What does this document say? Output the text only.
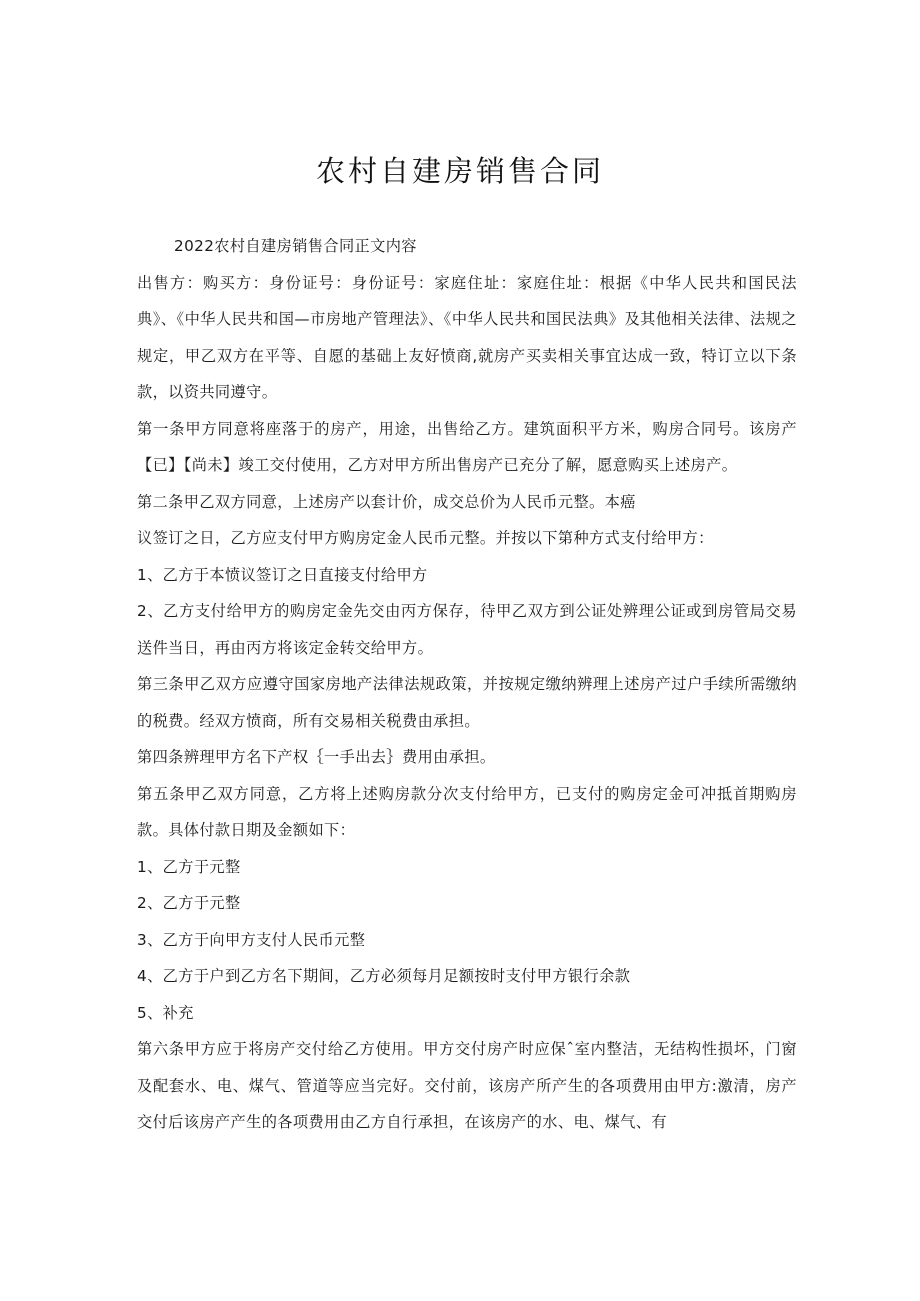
农村自建房销售合同

2022农村自建房销售合同正文内容

出售方：购买方：身份证号：身份证号：家庭住址：家庭住址：根据《中华人民共和国民法典》、《中华人民共和国—市房地产管理法》、《中华人民共和国民法典》及其他相关法律、法规之规定，甲乙双方在平等、自愿的基础上友好愤商,就房产买卖相关事宜达成一致，特订立以下条款，以资共同遵守。

第一条甲方同意将座落于的房产，用途，出售给乙方。建筑面积平方米，购房合同号。该房产【已】【尚未】竣工交付使用，乙方对甲方所出售房产已充分了解，愿意购买上述房产。

第二条甲乙双方同意，上述房产以套计价，成交总价为人民币元整。本癌

议签订之日，乙方应支付甲方购房定金人民币元整。并按以下第种方式支付给甲方：

1、乙方于本愤议签订之日直接支付给甲方

2、乙方支付给甲方的购房定金先交由丙方保存，待甲乙双方到公证处辨理公证或到房管局交易送件当日，再由丙方将该定金转交给甲方。

第三条甲乙双方应遵守国家房地产法律法规政策，并按规定缴纳辨理上述房产过户手续所需缴纳的税费。经双方愤商，所有交易相关税费由承担。

第四条辨理甲方名下产权｛一手出去｝费用由承担。

第五条甲乙双方同意，乙方将上述购房款分次支付给甲方，已支付的购房定金可冲抵首期购房款。具体付款日期及金额如下：

1、乙方于元整

2、乙方于元整

3、乙方于向甲方支付人民币元整

4、乙方于户到乙方名下期间，乙方必须每月足额按时支付甲方银行余款

5、补充

第六条甲方应于将房产交付给乙方使用。甲方交付房产时应保ˆ室内整洁，无结构性损坏，门窗及配套水、电、煤气、管道等应当完好。交付前，该房产所产生的各项费用由甲方:激清，房产交付后该房产产生的各项费用由乙方自行承担，在该房产的水、电、煤气、有
